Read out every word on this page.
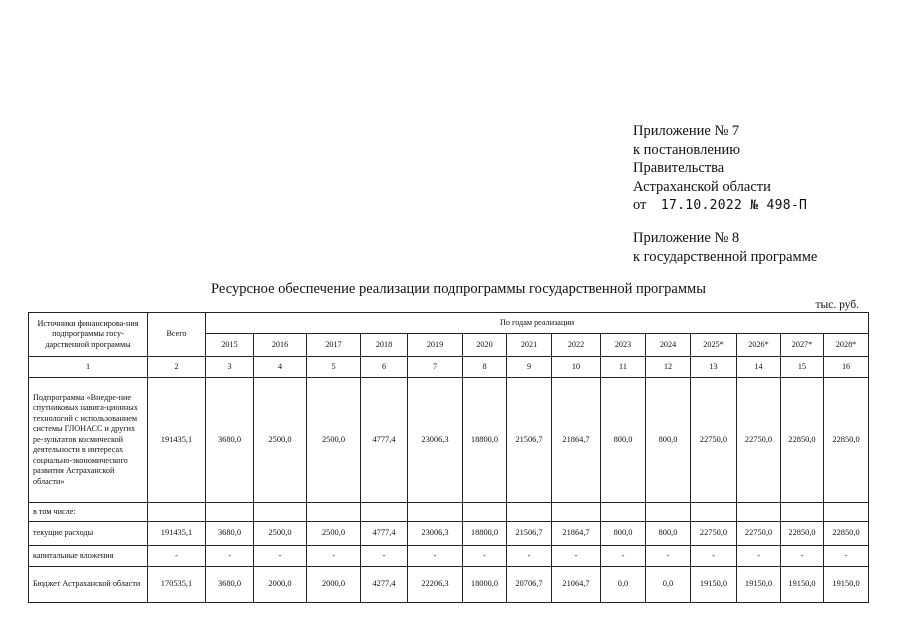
Приложение № 7
к постановлению
Правительства
Астраханской области
от 17.10.2022 № 498-П
Приложение № 8
к государственной программе
Ресурсное обеспечение реализации подпрограммы государственной программы
тыс. руб.
Источники финансирова-ния подпрограммы госу-дарственной программы	Всего	По годам реализации													
		2015	2016	2017	2018	2019	2020	2021	2022	2023	2024	2025*	2026*	2027*	2028*
1	2	3	4	5	6	7	8	9	10	11	12	13	14	15	16
Подпрограмма «Внедре-ние спутниковых навига-ционных технологий с использованием системы ГЛОНАСС и других ре-зультатов космической деятельности в интересах социально-экономического развития Астраханской области»	191435,1	3680,0	2500,0	2500,0	4777,4	23006,3	18800,0	21506,7	21864,7	800,0	800,0	22750,0	22750,0	22850,0	22850,0
в том числе:															
текущие расходы	191435,1	3680,0	2500,0	2500,0	4777,4	23006,3	18800,0	21506,7	21864,7	800,0	800,0	22750,0	22750,0	22850,0	22850,0
капитальные вложения	-	-	-	-	-	-	-	-	-	-	-	-	-	-	-
Бюджет Астраханской области	170535,1	3680,0	2000,0	2000,0	4277,4	22206,3	18000,0	20706,7	21064,7	0,0	0,0	19150,0	19150,0	19150,0	19150,0
